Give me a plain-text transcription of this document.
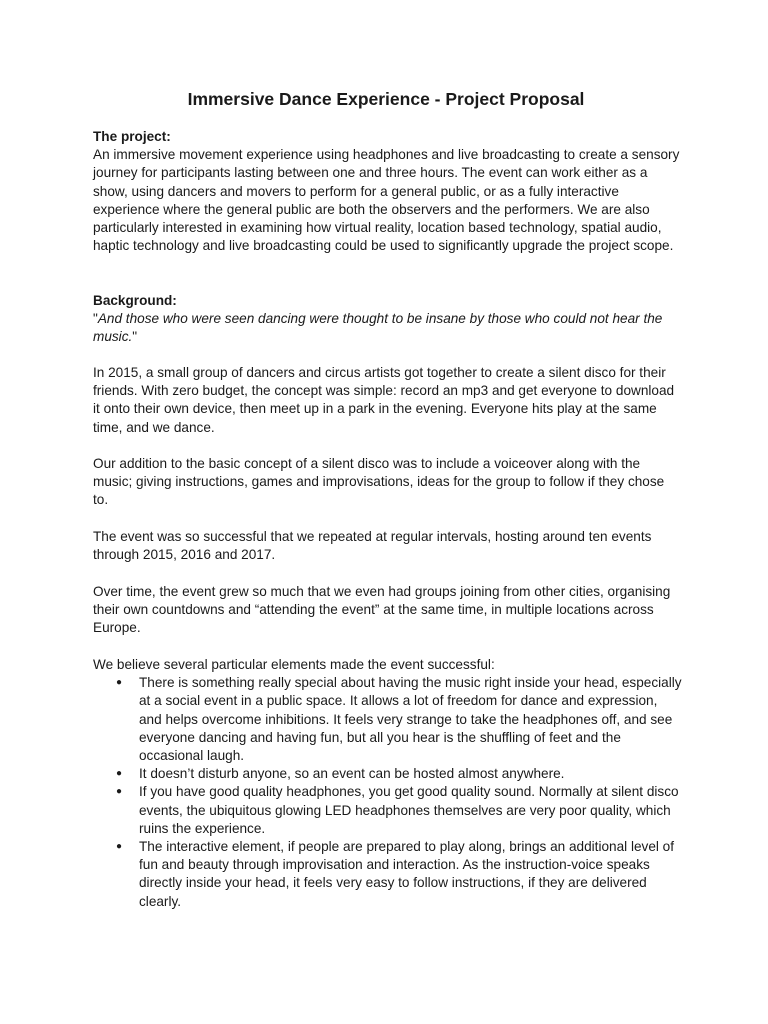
Immersive Dance Experience - Project Proposal

The project:

An immersive movement experience using headphones and live broadcasting to create a sensory journey for participants lasting between one and three hours. The event can work either as a show, using dancers and movers to perform for a general public, or as a fully interactive experience where the general public are both the observers and the performers. We are also particularly interested in examining how virtual reality, location based technology, spatial audio, haptic technology and live broadcasting could be used to significantly upgrade the project scope.

Background:

"And those who were seen dancing were thought to be insane by those who could not hear the music."

In 2015, a small group of dancers and circus artists got together to create a silent disco for their friends. With zero budget, the concept was simple: record an mp3 and get everyone to download it onto their own device, then meet up in a park in the evening. Everyone hits play at the same time, and we dance.

Our addition to the basic concept of a silent disco was to include a voiceover along with the music; giving instructions, games and improvisations, ideas for the group to follow if they chose to.

The event was so successful that we repeated at regular intervals, hosting around ten events through 2015, 2016 and 2017.

Over time, the event grew so much that we even had groups joining from other cities, organising their own countdowns and “attending the event” at the same time, in multiple locations across Europe.

We believe several particular elements made the event successful:

● There is something really special about having the music right inside your head, especially at a social event in a public space. It allows a lot of freedom for dance and expression, and helps overcome inhibitions. It feels very strange to take the headphones off, and see everyone dancing and having fun, but all you hear is the shuffling of feet and the occasional laugh.
● It doesn’t disturb anyone, so an event can be hosted almost anywhere.
● If you have good quality headphones, you get good quality sound. Normally at silent disco events, the ubiquitous glowing LED headphones themselves are very poor quality, which ruins the experience.
● The interactive element, if people are prepared to play along, brings an additional level of fun and beauty through improvisation and interaction. As the instruction-voice speaks directly inside your head, it feels very easy to follow instructions, if they are delivered clearly.
